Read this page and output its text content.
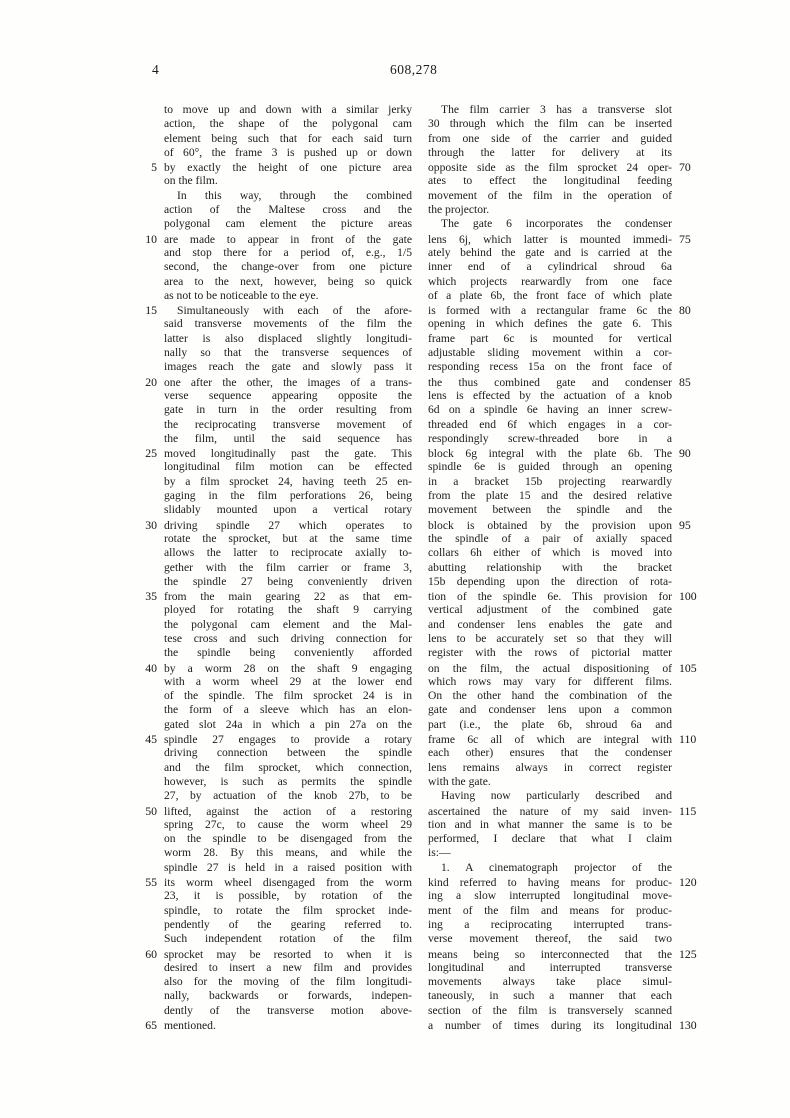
4	608,278
to move up and down with a similar jerky
action, the shape of the polygonal cam
element being such that for each said turn
of 60°, the frame 3 is pushed up or down
5 by exactly the height of one picture area
on the film.
In this way, through the combined
action of the Maltese cross and the
polygonal cam element the picture areas
10 are made to appear in front of the gate
and stop there for a period of, e.g., 1/5
second, the change-over from one picture
area to the next, however, being so quick
as not to be noticeable to the eye.
15	Simultaneously with each of the afore-
said transverse movements of the film the
latter is also displaced slightly longitudi-
nally so that the transverse sequences of
images reach the gate and slowly pass it
20 one after the other, the images of a trans-
verse sequence appearing opposite the
gate in turn in the order resulting from
the reciprocating transverse movement of
the film, until the said sequence has
25 moved longitudinally past the gate. This
longitudinal film motion can be effected
by a film sprocket 24, having teeth 25 en-
gaging in the film perforations 26, being
slidably mounted upon a vertical rotary
30 driving spindle 27 which operates to
rotate the sprocket, but at the same time
allows the latter to reciprocate axially to-
gether with the film carrier or frame 3,
the spindle 27 being conveniently driven
35 from the main gearing 22 as that em-
ployed for rotating the shaft 9 carrying
the polygonal cam element and the Mal-
tese cross and such driving connection for
the spindle being conveniently afforded
40 by a worm 28 on the shaft 9 engaging
with a worm wheel 29 at the lower end
of the spindle. The film sprocket 24 is in
the form of a sleeve which has an elon-
gated slot 24a in which a pin 27a on the
45 spindle 27 engages to provide a rotary
driving connection between the spindle
and the film sprocket, which connection,
however, is such as permits the spindle
27, by actuation of the knob 27b, to be
50 lifted, against the action of a restoring
spring 27c, to cause the worm wheel 29
on the spindle to be disengaged from the
worm 28. By this means, and while the
spindle 27 is held in a raised position with
55 its worm wheel disengaged from the worm
23, it is possible, by rotation of the
spindle, to rotate the film sprocket inde-
pendently of the gearing referred to.
Such independent rotation of the film
60 sprocket may be resorted to when it is
desired to insert a new film and provides
also for the moving of the film longitudi-
nally, backwards or forwards, indepen-
dently of the transverse motion above-
65 mentioned.
The film carrier 3 has a transverse slot
30 through which the film can be inserted
from one side of the carrier and guided
through the latter for delivery at its
70
opposite side as the film sprocket 24 oper-
ates to effect the longitudinal feeding
movement of the film in the operation of
the projector.
The gate 6 incorporates the condenser
75
lens 6j, which latter is mounted immedi-
ately behind the gate and is carried at the
inner end of a cylindrical shroud 6a
which projects rearwardly from one face
of a plate 6b, the front face of which plate
80
is formed with a rectangular frame 6c the
opening in which defines the gate 6. This
frame part 6c is mounted for vertical
adjustable sliding movement within a cor-
responding recess 15a on the front face of
85
the thus combined gate and condenser
lens is effected by the actuation of a knob
6d on a spindle 6e having an inner screw-
threaded end 6f which engages in a cor-
respondingly screw-threaded bore in a
90
block 6g integral with the plate 6b. The
spindle 6e is guided through an opening
in a bracket 15b projecting rearwardly
from the plate 15 and the desired relative
movement between the spindle and the
95
block is obtained by the provision upon
the spindle of a pair of axially spaced
collars 6h either of which is moved into
abutting relationship with the bracket
15b depending upon the direction of rota-
100
tion of the spindle 6e. This provision for
vertical adjustment of the combined gate
and condenser lens enables the gate and
lens to be accurately set so that they will
register with the rows of pictorial matter
105
on the film, the actual dispositioning of
which rows may vary for different films.
On the other hand the combination of the
gate and condenser lens upon a common
part (i.e., the plate 6b, shroud 6a and
110
frame 6c all of which are integral with
each other) ensures that the condenser
lens remains always in correct register
with the gate.
Having now particularly described and
115
ascertained the nature of my said inven-
tion and in what manner the same is to be
performed, I declare that what I claim
is:—
1. A cinematograph projector of the
120
kind referred to having means for produc-
ing a slow interrupted longitudinal move-
ment of the film and means for produc-
ing a reciprocating interrupted trans-
verse movement thereof, the said two
125
means being so interconnected that the
longitudinal and interrupted transverse
movements always take place simul-
taneously, in such a manner that each
section of the film is transversely scanned
130
a number of times during its longitudinal
